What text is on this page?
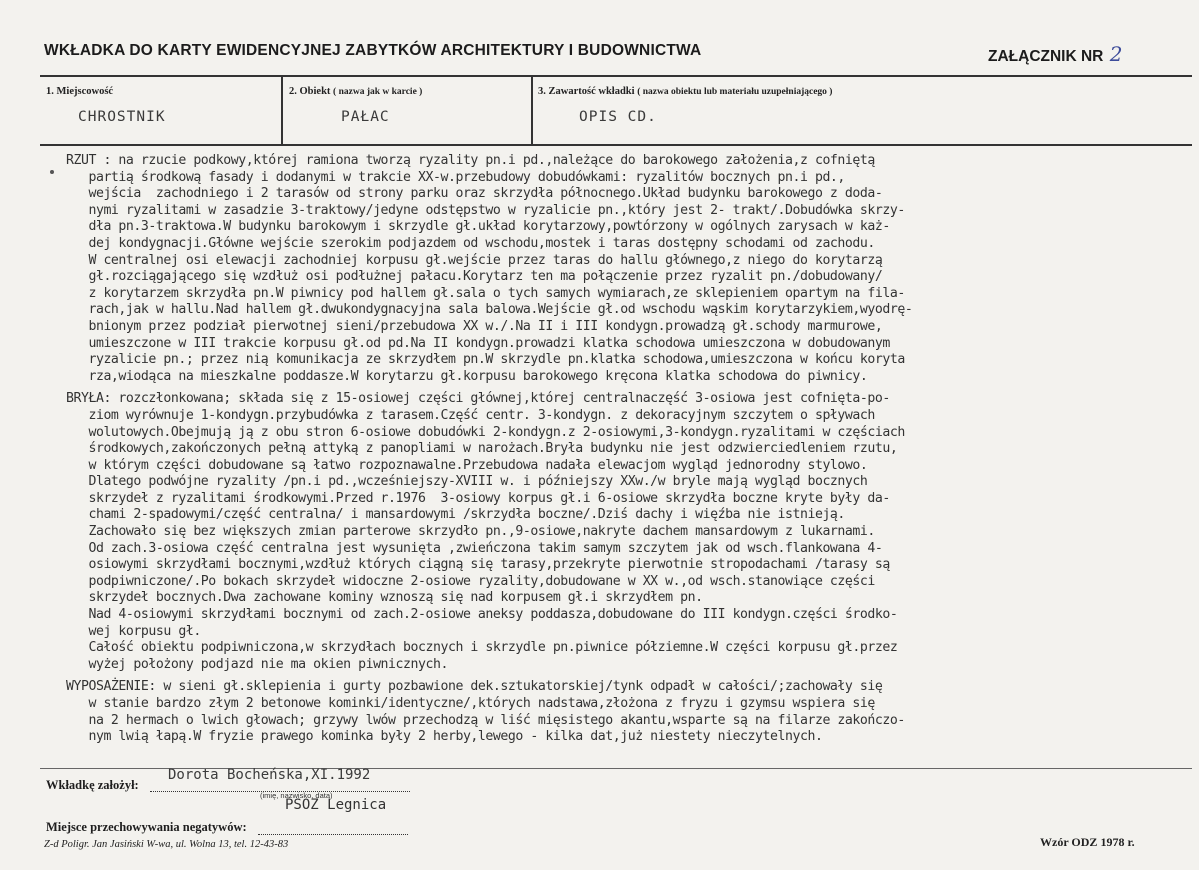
WKŁADKA DO KARTY EWIDENCYJNEJ ZABYTKÓW ARCHITEKTURY I BUDOWNICTWA	ZAŁĄCZNIK NR 2
1. Miejscowość	2. Obiekt ( nazwa jak w karcie )	3. Zawartość wkładki ( nazwa obiektu lub materiału uzupełniającego )
CHROSTNIK	PAŁAC	OPIS CD.
RZUT : na rzucie podkowy,której ramiona tworzą ryzality pn.i pd.,należące do barokowego założenia,z cofniętą
partią środkową fasady i dodanymi w trakcie XX-w.przebudowy dobudówkami: ryzalitów bocznych pn.i pd.,
wejścia  zachodniego i 2 tarasów od strony parku oraz skrzydła północnego.Układ budynku barokowego z doda-
nymi ryzalitami w zasadzie 3-traktowy/jedyne odstępstwo w ryzalicie pn.,który jest 2- trakt/.Dobudówka skrzy-
dła pn.3-traktowa.W budynku barokowym i skrzydle gł.układ korytarzowy,powtórzony w ogólnych zarysach w każ-
dej kondygnacji.Główne wejście szerokim podjazdem od wschodu,mostek i taras dostępny schodami od zachodu.
W centralnej osi elewacji zachodniej korpusu gł.wejście przez taras do hallu głównego,z niego do korytarzą
gł.rozciągającego się wzdłuż osi podłużnej pałacu.Korytarz ten ma połączenie przez ryzalit pn./dobudowany/
z korytarzem skrzydła pn.W piwnicy pod hallem gł.sala o tych samych wymiarach,ze sklepieniem opartym na fila-
rach,jak w hallu.Nad hallem gł.dwukondygnacyjna sala balowa.Wejście gł.od wschodu wąskim korytarzykiem,wyodrę-
bnionym przez podział pierwotnej sieni/przebudowa XX w./.Na II i III kondygn.prowadzą gł.schody marmurowe,
umieszczone w III trakcie korpusu gł.od pd.Na II kondygn.prowadzi klatka schodowa umieszczona w dobudowanym
ryzalicie pn.; przez nią komunikacja ze skrzydłem pn.W skrzydle pn.klatka schodowa,umieszczona w końcu koryta
rza,wiodąca na mieszkalne poddasze.W korytarzu gł.korpusu barokowego kręcona klatka schodowa do piwnicy.
BRYŁA: rozczłonkowana; składa się z 15-osiowej części głównej,której centralnaczęść 3-osiowa jest cofnięta-po-
ziom wyrównuje 1-kondygn.przybudówka z tarasem.Część centr. 3-kondygn. z dekoracyjnym szczytem o spływach
wolutowych.Obejmują ją z obu stron 6-osiowe dobudówki 2-kondygn.z 2-osiowymi,3-kondygn.ryzalitami w częściach
środkowych,zakończonych pełną attyką z panopliami w narożach.Bryła budynku nie jest odzwierciedleniem rzutu,
w którym części dobudowane są łatwo rozpoznawalne.Przebudowa nadała elewacjom wygląd jednorodny stylowo.
Dlatego podwójne ryzality /pn.i pd.,wcześniejszy-XVIII w. i późniejszy XXw./w bryle mają wygląd bocznych
skrzydeł z ryzalitami środkowymi.Przed r.1976  3-osiowy korpus gł.i 6-osiowe skrzydła boczne kryte były da-
chami 2-spadowymi/część centralna/ i mansardowymi /skrzydła boczne/.Dziś dachy i więźba nie istnieją.
Zachowało się bez większych zmian parterowe skrzydło pn.,9-osiowe,nakryte dachem mansardowym z lukarnami.
Od zach.3-osiowa część centralna jest wysunięta ,zwieńczona takim samym szczytem jak od wsch.flankowana 4-
osiowymi skrzydłami bocznymi,wzdłuż których ciągną się tarasy,przekryte pierwotnie stropodachami /tarasy są
podpiwniczone/.Po bokach skrzydeł widoczne 2-osiowe ryzality,dobudowane w XX w.,od wsch.stanowiące części
skrzydeł bocznych.Dwa zachowane kominy wznoszą się nad korpusem gł.i skrzydłem pn.
Nad 4-osiowymi skrzydłami bocznymi od zach.2-osiowe aneksy poddasza,dobudowane do III kondygn.części środko-
wej korpusu gł.
Całość obiektu podpiwniczona,w skrzydłach bocznych i skrzydle pn.piwnice półziemne.W części korpusu gł.przez
wyżej położony podjazd nie ma okien piwnicznych.
WYPOSAŻENIE: w sieni gł.sklepienia i gurty pozbawione dek.sztukatorskiej/tynk odpadł w całości/;zachowały się
w stanie bardzo złym 2 betonowe kominki/identyczne/,których nadstawa,złożona z fryzu i gzymsu wspiera się
na 2 hermach o lwich głowach; grzywy lwów przechodzą w liść mięsistego akantu,wsparte są na filarze zakończo-
nym lwią łapą.W fryzie prawego kominka były 2 herby,lewego - kilka dat,już niestety nieczytelnych.
Wkładkę założył:
Dorota Bocheńska,XI.1992
(imię, nazwisko, data)
PSOZ Legnica
Miejsce przechowywania negatywów:
Z-d Poligr. Jan Jasiński W-wa, ul. Wolna 13, tel. 12-43-83	Wzór ODZ 1978 r.
